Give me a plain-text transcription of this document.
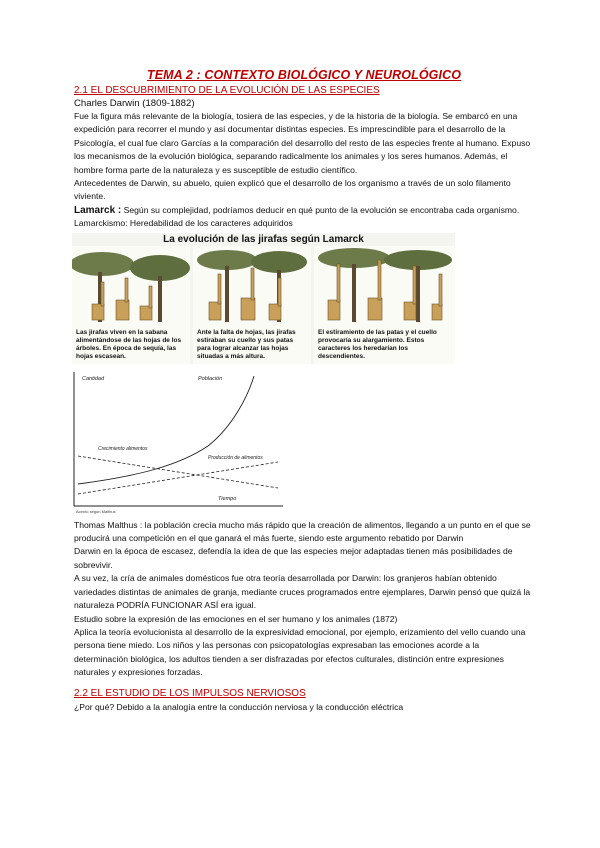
TEMA 2 : CONTEXTO BIOLÓGICO Y NEUROLÓGICO

2.1 EL DESCUBRIMIENTO DE LA EVOLUCIÓN DE LAS ESPECIES

Charles Darwin (1809-1882)

Fue la figura más relevante de la biología, tosiera de las especies, y de la historia de la biología. Se embarcó en una expedición para recorrer el mundo y así documentar distintas especies. Es imprescindible para el desarrollo de la Psicología, el cual fue claro Garcías a la comparación del desarrollo del resto de las especies frente al humano. Expuso los mecanismos de la evolución biológica, separando radicalmente los animales y los seres humanos. Además, el hombre forma parte de la naturaleza y es susceptible de estudio científico.

Antecedentes de Darwin, su abuelo, quien explicó que el desarrollo de los organismo a través de un solo filamento viviente.

Lamarck : Según su complejidad, podríamos deducir en qué punto de la evolución se encontraba cada organismo.

Lamarckismo: Heredabilidad de los caracteres adquiridos

La evolución de las jirafas según Lamarck
Las jirafas viven en la sabana alimentándose de las hojas de los árboles. En época de sequía, las hojas escasean.
Ante la falta de hojas, las jirafas estiraban su cuello y sus patas para lograr alcanzar las hojas situadas a más altura.
El estiramiento de las patas y el cuello provocaría su alargamiento. Estos caracteres los heredarían los descendientes.
Cantidad
Tiempo
Población
Crecimiento alimentos
Producción de alimentos
Acento según Malthus

Thomas Malthus : la población crecía mucho más rápido que la creación de alimentos, llegando a un punto en el que se producirá una competición en el que ganará el más fuerte, siendo este argumento rebatido por Darwin

Darwin en la época de escasez, defendía la idea de que las especies mejor adaptadas tienen más posibilidades de sobrevivir.

A su vez, la cría de animales domésticos fue otra teoría desarrollada por Darwin: los granjeros habían obtenido variedades distintas de animales de granja, mediante cruces programados entre ejemplares, Darwin pensó que quizá la naturaleza PODRÍA FUNCIONAR ASÍ era igual.

Estudio sobre la expresión de las emociones en el ser humano y los animales (1872)

Aplica la teoría evolucionista al desarrollo de la expresividad emocional, por ejemplo, erizamiento del vello cuando una persona tiene miedo. Los niños y las personas con psicopatologías expresaban las emociones acorde a la determinación biológica, los adultos tienden a ser disfrazadas por efectos culturales, distinción entre expresiones naturales y expresiones forzadas.

2.2 EL ESTUDIO DE LOS IMPULSOS NERVIOSOS

¿Por qué? Debido a la analogía entre la conducción nerviosa y la conducción eléctrica
